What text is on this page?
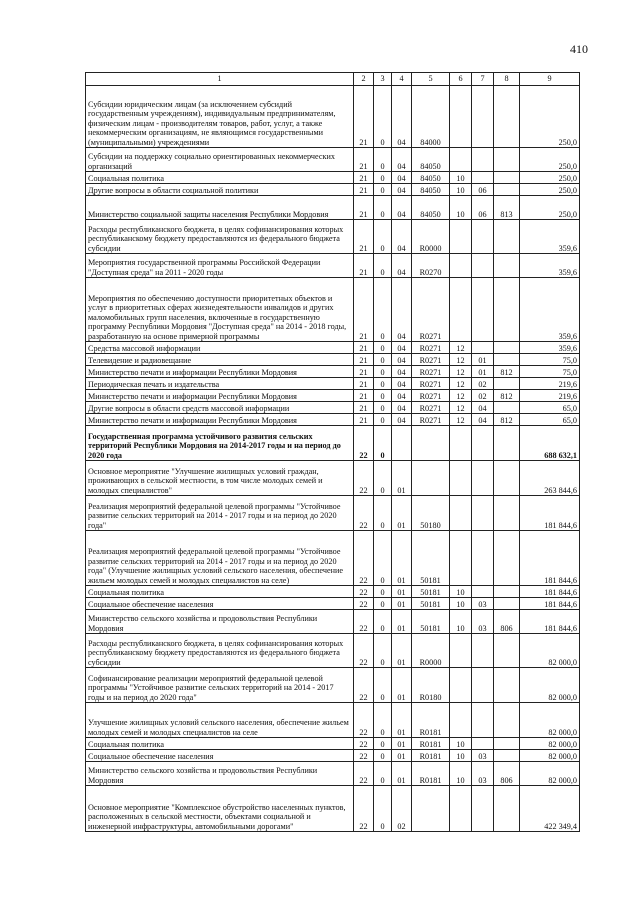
410
1	2	3	4	5	6	7	8	9
Субсидии юридическим лицам (за исключением субсидий государственным учреждениям), индивидуальным предпринимателям, физическим лицам - производителям товаров, работ, услуг, а также некоммерческим организациям, не являющимся государственными (муниципальными) учреждениями	21	0	04	84000				250,0
Субсидии на поддержку социально ориентированных некоммерческих организаций	21	0	04	84050				250,0
Социальная политика	21	0	04	84050	10			250,0
Другие вопросы в области социальной политики	21	0	04	84050	10	06		250,0
Министерство социальной защиты населения Республики Мордовия	21	0	04	84050	10	06	813	250,0
Расходы республиканского бюджета, в целях софинансирования которых республиканскому бюджету предоставляются из федерального бюджета субсидии	21	0	04	R0000				359,6
Мероприятия государственной программы Российской Федерации "Доступная среда" на 2011 - 2020 годы	21	0	04	R0270				359,6
Мероприятия по обеспечению доступности приоритетных объектов и услуг в приоритетных сферах жизнедеятельности инвалидов и других маломобильных групп населения, включенные в государственную программу Республики Мордовия "Доступная среда" на 2014 - 2018 годы, разработанную на основе примерной программы	21	0	04	R0271				359,6
Средства массовой информации	21	0	04	R0271	12			359,6
Телевидение и радиовещание	21	0	04	R0271	12	01		75,0
Министерство печати и информации Республики Мордовия	21	0	04	R0271	12	01	812	75,0
Периодическая печать и издательства	21	0	04	R0271	12	02		219,6
Министерство печати и информации Республики Мордовия	21	0	04	R0271	12	02	812	219,6
Другие вопросы в области средств массовой информации	21	0	04	R0271	12	04		65,0
Министерство печати и информации Республики Мордовия	21	0	04	R0271	12	04	812	65,0
Государственная программа устойчивого развития сельских территорий Республики Мордовия на 2014-2017 годы и на период до 2020 года	22	0						688 632,1
Основное мероприятие "Улучшение жилищных условий граждан, проживающих в сельской местности, в том числе молодых семей и молодых специалистов"	22	0	01					263 844,6
Реализация мероприятий федеральной целевой программы "Устойчивое развитие сельских территорий на 2014 - 2017 годы и на период до 2020 года"	22	0	01	50180				181 844,6
Реализация мероприятий федеральной целевой программы "Устойчивое развитие сельских территорий на 2014 - 2017 годы и на период до 2020 года" (Улучшение жилищных условий сельского населения, обеспечение жильем молодых семей и молодых специалистов на селе)	22	0	01	50181				181 844,6
Социальная политика	22	0	01	50181	10			181 844,6
Социальное обеспечение населения	22	0	01	50181	10	03		181 844,6
Министерство сельского хозяйства и продовольствия Республики Мордовия	22	0	01	50181	10	03	806	181 844,6
Расходы республиканского бюджета, в целях софинансирования которых республиканскому бюджету предоставляются из федерального бюджета субсидии	22	0	01	R0000				82 000,0
Софинансирование реализации мероприятий федеральной целевой программы "Устойчивое развитие сельских территорий на 2014 - 2017 годы и на период до 2020 года"	22	0	01	R0180				82 000,0
Улучшение жилищных условий сельского населения, обеспечение жильем молодых семей и молодых специалистов на селе	22	0	01	R0181				82 000,0
Социальная политика	22	0	01	R0181	10			82 000,0
Социальное обеспечение населения	22	0	01	R0181	10	03		82 000,0
Министерство сельского хозяйства и продовольствия Республики Мордовия	22	0	01	R0181	10	03	806	82 000,0
Основное мероприятие "Комплексное обустройство населенных пунктов, расположенных в сельской местности, объектами социальной и инженерной инфраструктуры, автомобильными дорогами"	22	0	02					422 349,4
